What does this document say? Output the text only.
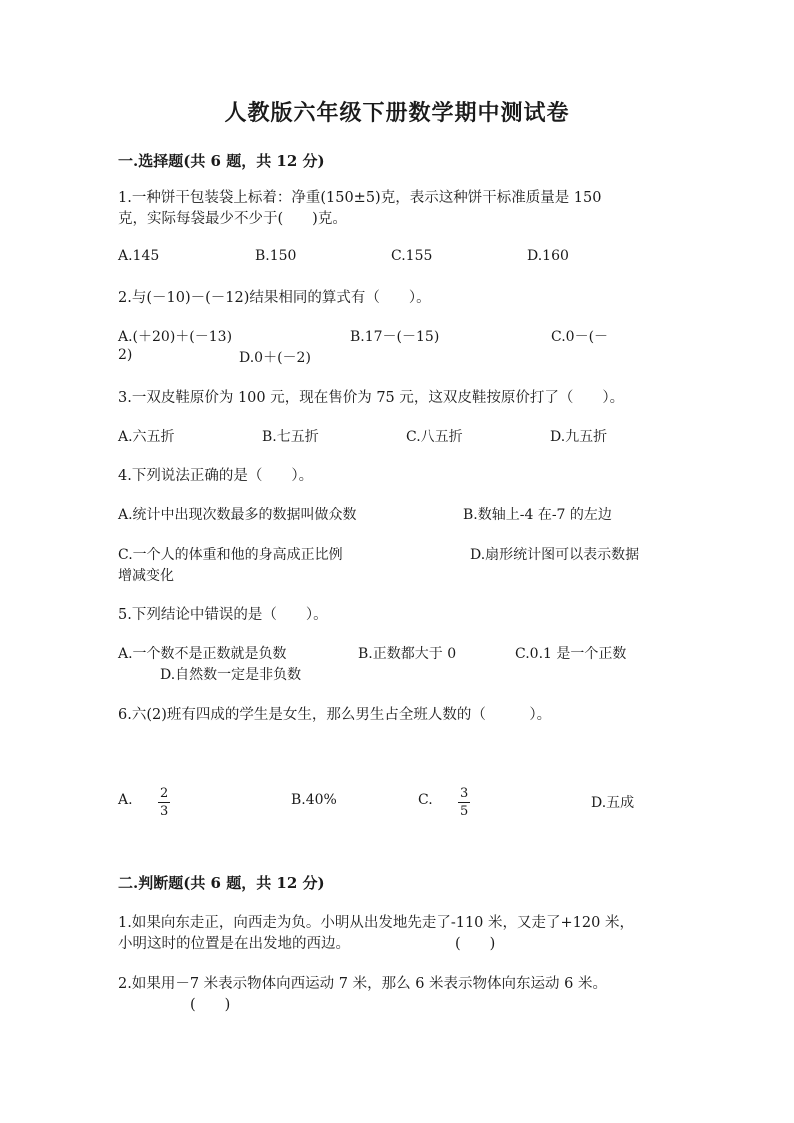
人教版六年级下册数学期中测试卷
一.选择题(共 6 题，共 12 分)
1.一种饼干包装袋上标着：净重(150±5)克，表示这种饼干标准质量是 150
克，实际每袋最少不少于(　　)克。
A.145	B.150	C.155	D.160
2.与(－10)－(－12)结果相同的算式有（　　）。
A.(＋20)＋(－13)	B.17－(－15)	C.0－(－
2)	D.0＋(－2)
3.一双皮鞋原价为 100 元，现在售价为 75 元，这双皮鞋按原价打了（　　）。
A.六五折	B.七五折	C.八五折	D.九五折
4.下列说法正确的是（　　）。
A.统计中出现次数最多的数据叫做众数	B.数轴上-4 在-7 的左边
C.一个人的体重和他的身高成正比例	D.扇形统计图可以表示数据
增减变化
5.下列结论中错误的是（　　）。
A.一个数不是正数就是负数	B.正数都大于 0	C.0.1 是一个正数
D.自然数一定是非负数
6.六(2)班有四成的学生是女生，那么男生占全班人数的（　　　）。
A. 2
3
B.40%	C. 3
5
D.五成
二.判断题(共 6 题，共 12 分)
1.如果向东走正，向西走为负。小明从出发地先走了-110 米，又走了+120 米，
小明这时的位置是在出发地的西边。	(　　)
2.如果用－7 米表示物体向西运动 7 米，那么 6 米表示物体向东运动 6 米。
(　　)
